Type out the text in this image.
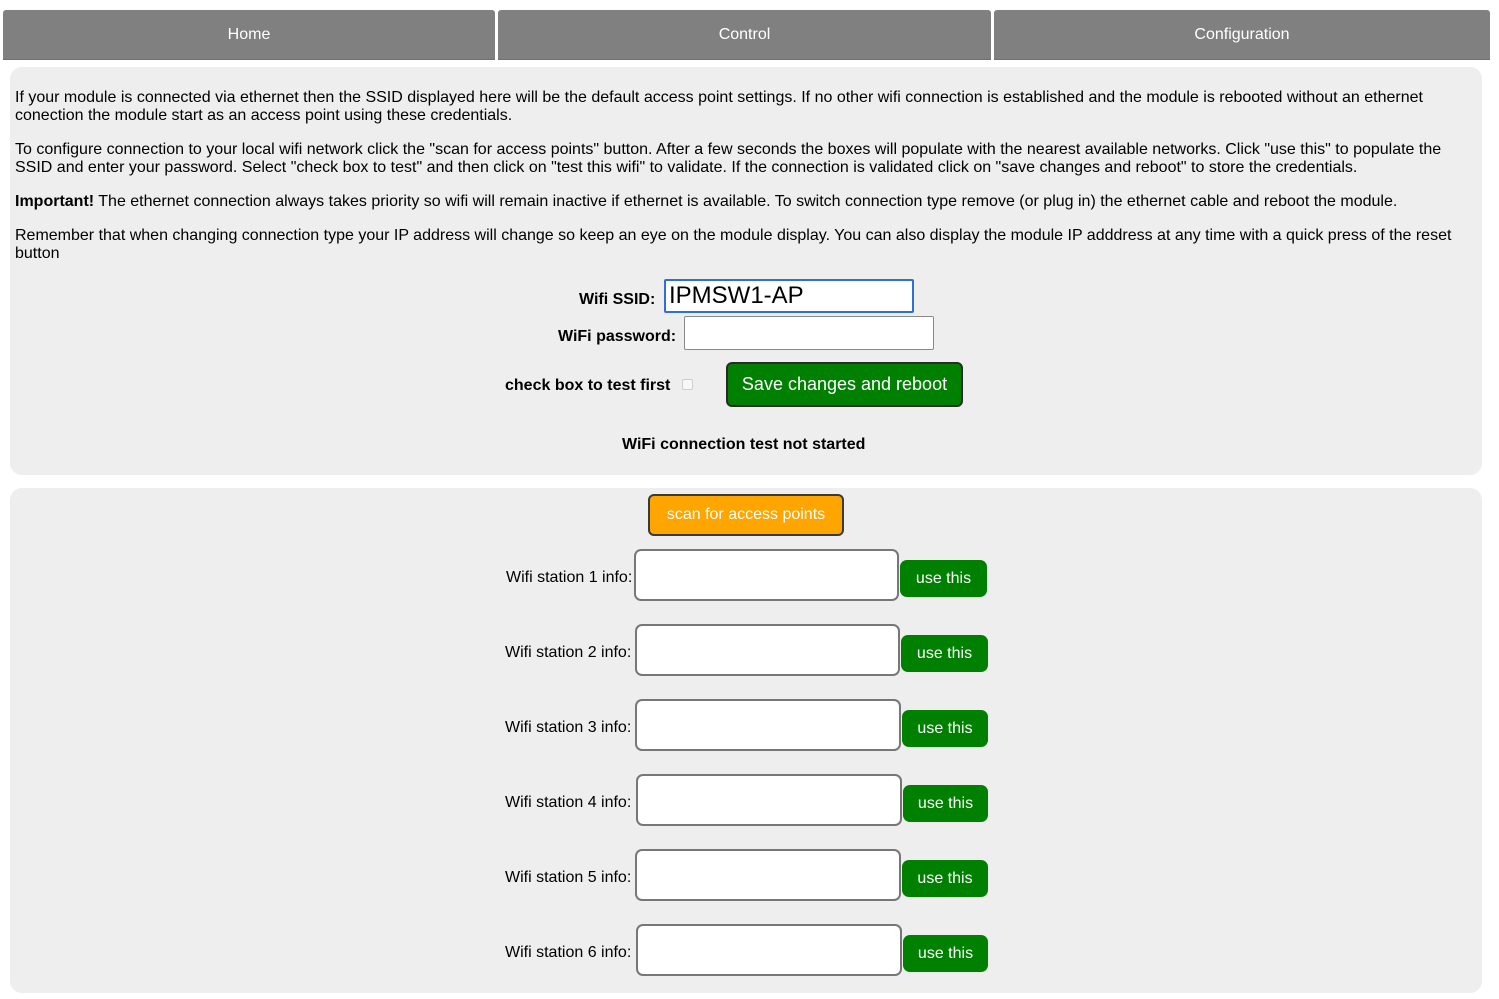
Home	Control	Configuration

If your module is connected via ethernet then the SSID displayed here will be the default access point settings. If no other wifi connection is established and the module is rebooted without an ethernet conection the module start as an access point using these credentials.

To configure connection to your local wifi network click the "scan for access points" button. After a few seconds the boxes will populate with the nearest available networks. Click "use this" to populate the SSID and enter your password. Select "check box to test" and then click on "test this wifi" to validate. If the connection is validated click on "save changes and reboot" to store the credentials.

Important! The ethernet connection always takes priority so wifi will remain inactive if ethernet is available. To switch connection type remove (or plug in) the ethernet cable and reboot the module.

Remember that when changing connection type your IP address will change so keep an eye on the module display. You can also display the module IP adddress at any time with a quick press of the reset button

Wifi SSID:
IPMSW1-AP
WiFi password:
check box to test first	Save changes and reboot
WiFi connection test not started
scan for access points
Wifi station 1 info:	use this
Wifi station 2 info:	use this
Wifi station 3 info:	use this
Wifi station 4 info:	use this
Wifi station 5 info:	use this
Wifi station 6 info:	use this
